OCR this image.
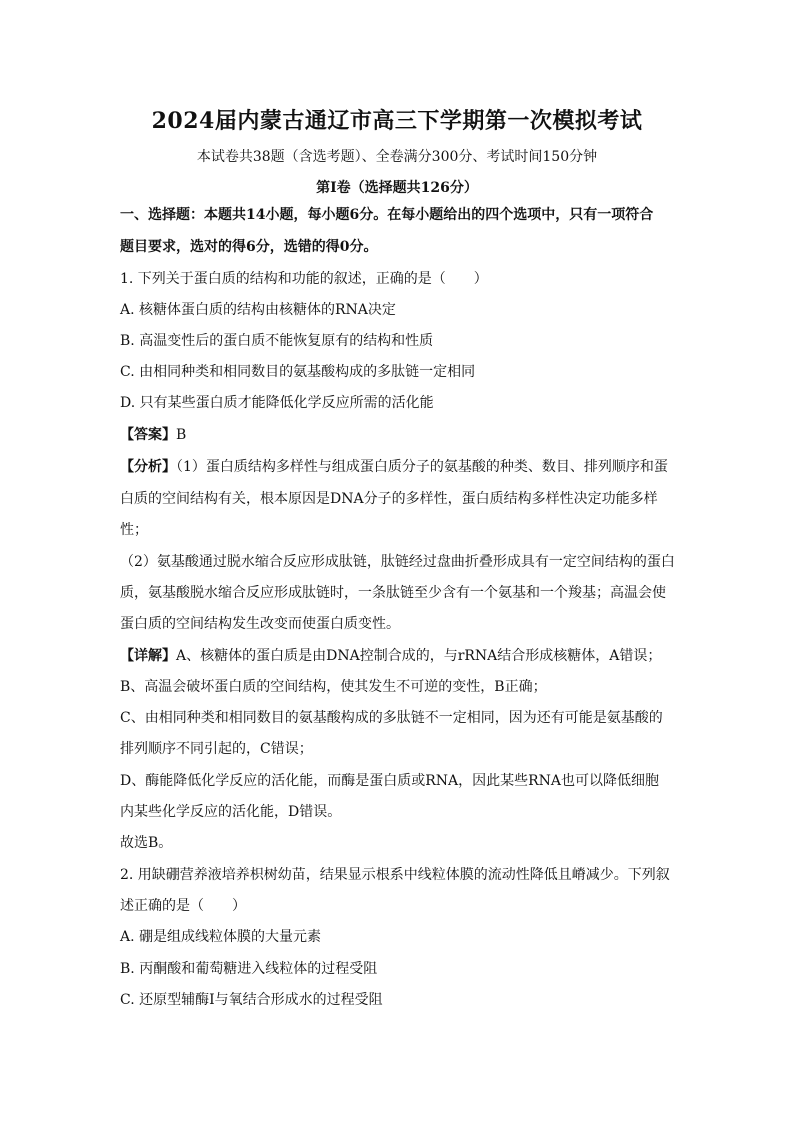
2024届内蒙古通辽市高三下学期第一次模拟考试
本试卷共38题（含选考题）、全卷满分300分、考试时间150分钟
第Ⅰ卷（选择题共126分）
一、选择题：本题共14小题，每小题6分。在每小题给出的四个选项中，只有一项符合
题目要求，选对的得6分，选错的得0分。
1. 下列关于蛋白质的结构和功能的叙述，正确的是（　　）
A. 核糖体蛋白质的结构由核糖体的RNA决定
B. 高温变性后的蛋白质不能恢复原有的结构和性质
C. 由相同种类和相同数目的氨基酸构成的多肽链一定相同
D. 只有某些蛋白质才能降低化学反应所需的活化能
【答案】B
【分析】（1）蛋白质结构多样性与组成蛋白质分子的氨基酸的种类、数目、排列顺序和蛋
白质的空间结构有关，根本原因是DNA分子的多样性，蛋白质结构多样性决定功能多样
性；
（2）氨基酸通过脱水缩合反应形成肽链，肽链经过盘曲折叠形成具有一定空间结构的蛋白
质，氨基酸脱水缩合反应形成肽链时，一条肽链至少含有一个氨基和一个羧基；高温会使
蛋白质的空间结构发生改变而使蛋白质变性。
【详解】A、核糖体的蛋白质是由DNA控制合成的，与rRNA结合形成核糖体，A错误；
B、高温会破坏蛋白质的空间结构，使其发生不可逆的变性，B正确；
C、由相同种类和相同数目的氨基酸构成的多肽链不一定相同，因为还有可能是氨基酸的
排列顺序不同引起的，C错误；
D、酶能降低化学反应的活化能，而酶是蛋白质或RNA，因此某些RNA也可以降低细胞
内某些化学反应的活化能，D错误。
故选B。
2. 用缺硼营养液培养枳树幼苗，结果显示根系中线粒体膜的流动性降低且嵴减少。下列叙
述正确的是（　　）
A. 硼是组成线粒体膜的大量元素
B. 丙酮酸和葡萄糖进入线粒体的过程受阻
C. 还原型辅酶Ⅰ与氧结合形成水的过程受阻
